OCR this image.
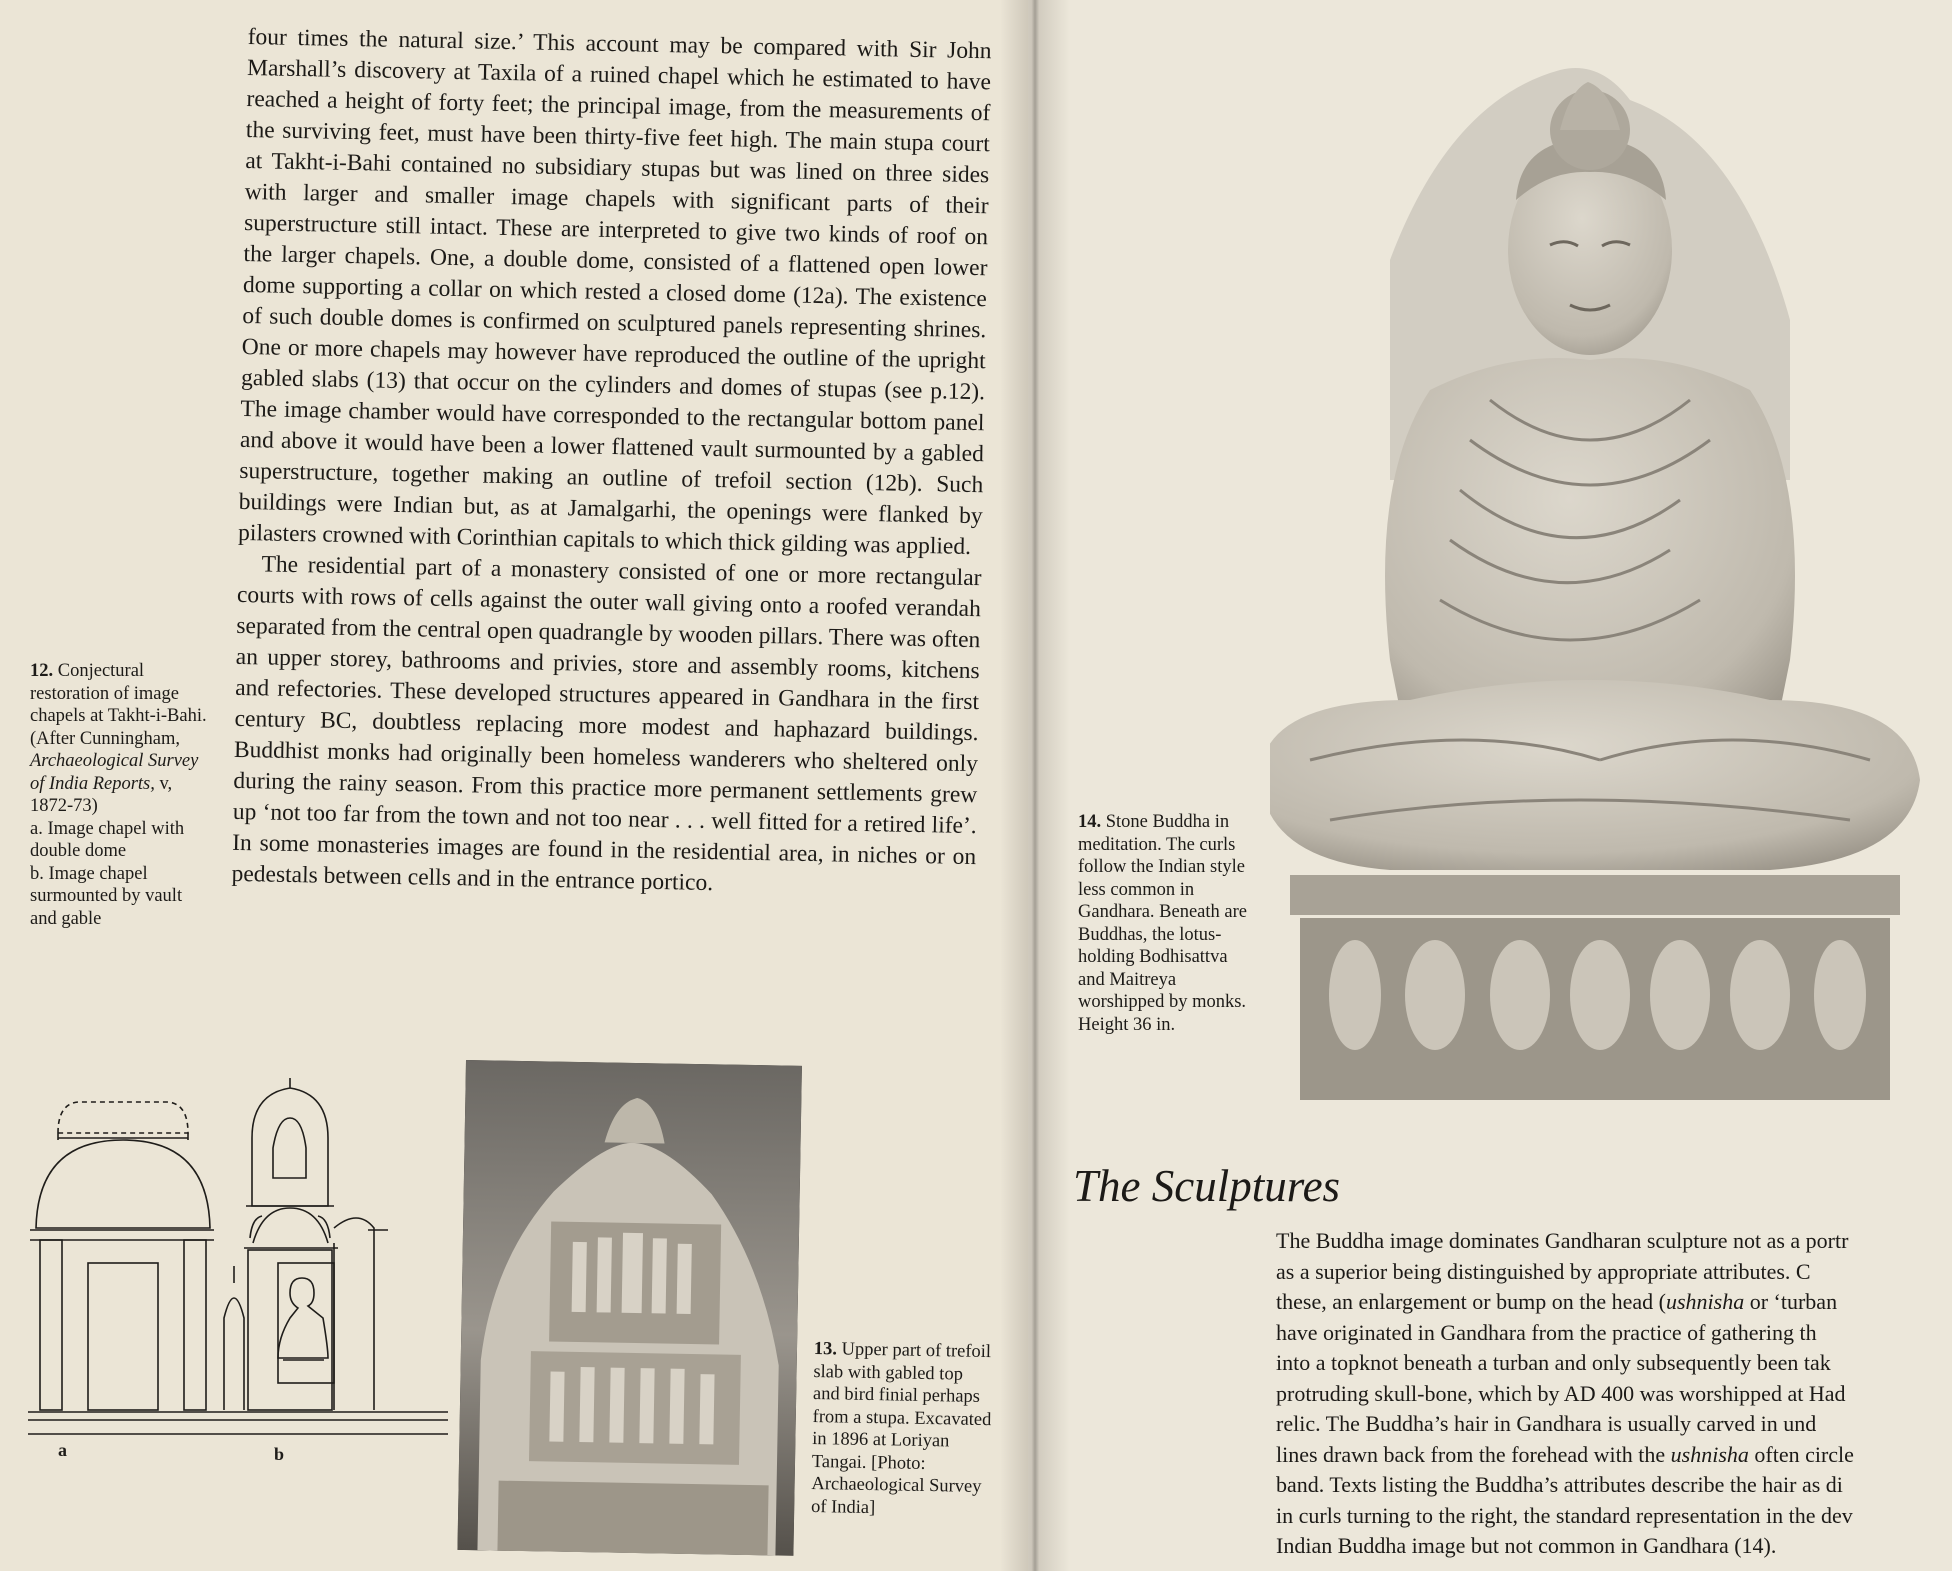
four times the natural size.’ This account may be compared with Sir John Marshall’s discovery at Taxila of a ruined chapel which he estimated to have reached a height of forty feet; the principal image, from the measurements of the surviving feet, must have been thirty-five feet high. The main stupa court at Takht-i-Bahi contained no subsidiary stupas but was lined on three sides with larger and smaller image chapels with significant parts of their superstructure still intact. These are interpreted to give two kinds of roof on the larger chapels. One, a double dome, consisted of a flattened open lower dome supporting a collar on which rested a closed dome (12a). The existence of such double domes is confirmed on sculptured panels representing shrines. One or more chapels may however have reproduced the outline of the upright gabled slabs (13) that occur on the cylinders and domes of stupas (see p.12). The image chamber would have corresponded to the rectangular bottom panel and above it would have been a lower flattened vault surmounted by a gabled superstructure, together making an outline of trefoil section (12b). Such buildings were Indian but, as at Jamalgarhi, the openings were flanked by pilasters crowned with Corinthian capitals to which thick gilding was applied.

The residential part of a monastery consisted of one or more rectangular courts with rows of cells against the outer wall giving onto a roofed verandah separated from the central open quadrangle by wooden pillars. There was often an upper storey, bathrooms and privies, store and assembly rooms, kitchens and refectories. These developed structures appeared in Gandhara in the first century BC, doubtless replacing more modest and haphazard buildings. Buddhist monks had originally been homeless wanderers who sheltered only during the rainy season. From this practice more permanent settlements grew up ‘not too far from the town and not too near . . . well fitted for a retired life’. In some monasteries images are found in the residential area, in niches or on pedestals between cells and in the entrance portico.

12. Conjectural restoration of image chapels at Takht-i-Bahi. (After Cunningham, Archaeological Survey of India Reports, v, 1872-73)
a. Image chapel with double dome
b. Image chapel surmounted by vault and gable
a	b
13. Upper part of trefoil slab with gabled top and bird finial perhaps from a stupa. Excavated in 1896 at Loriyan Tangai. [Photo: Archaeological Survey of India]
14. Stone Buddha in meditation. The curls follow the Indian style less common in Gandhara. Beneath are Buddhas, the lotus-holding Bodhisattva and Maitreya worshipped by monks. Height 36 in.
The Sculptures
The Buddha image dominates Gandharan sculpture not as a portr
as a superior being distinguished by appropriate attributes. C
these, an enlargement or bump on the head (ushnisha or ‘turban
have originated in Gandhara from the practice of gathering th
into a topknot beneath a turban and only subsequently been tak
protruding skull-bone, which by AD 400 was worshipped at Had
relic. The Buddha’s hair in Gandhara is usually carved in und
lines drawn back from the forehead with the ushnisha often circle
band. Texts listing the Buddha’s attributes describe the hair as di
in curls turning to the right, the standard representation in the dev
Indian Buddha image but not common in Gandhara (14).
